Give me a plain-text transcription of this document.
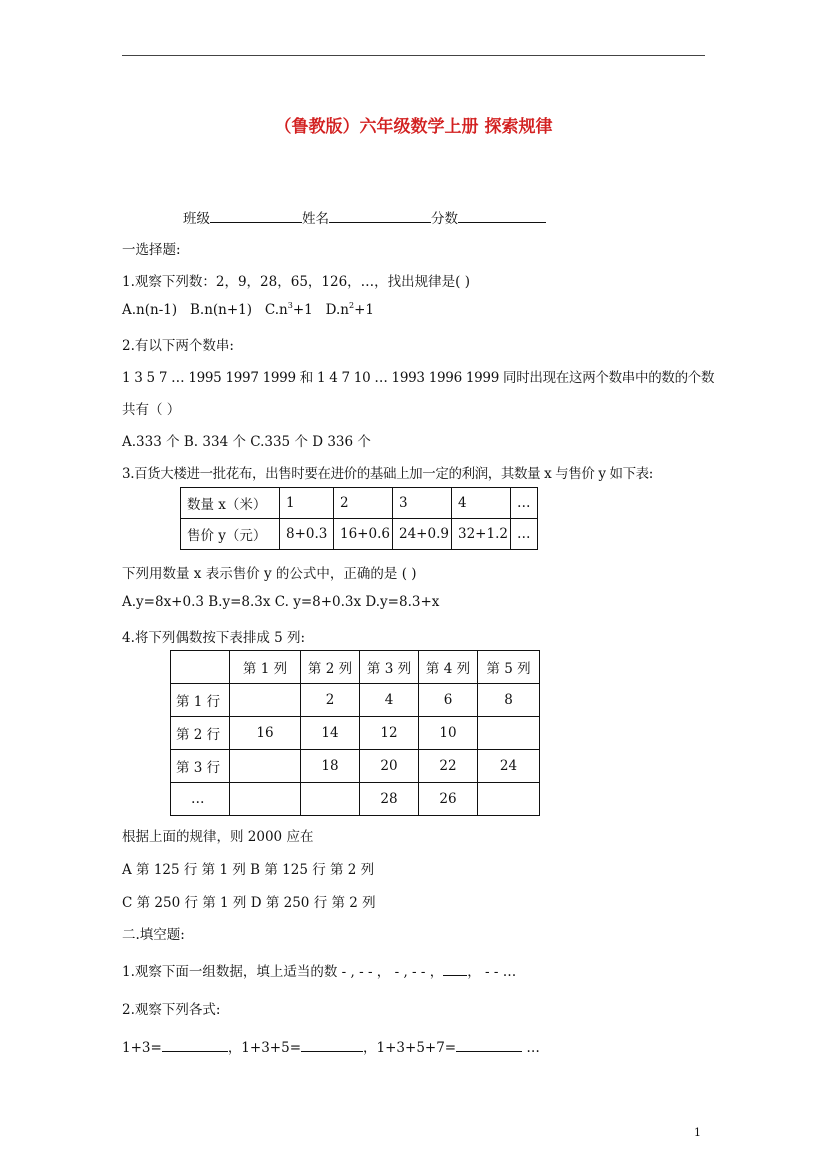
（鲁教版）六年级数学上册 探索规律
班级	姓名	分数
一选择题:
1.观察下列数：2，9，28，65，126，…，找出规律是( )
A.n(n-1) B.n(n+1) $C.n^3+1$ $D.n^2+1$
2.有以下两个数串:
1 3 5 7 … 1995 1997 1999 和 1 4 7 10 … 1993 1996 1999 同时出现在这两个数串中的数的个数
共有（ ）
A.333 个 B. 334 个 C.335 个 D 336 个
3.百货大楼进一批花布，出售时要在进价的基础上加一定的利润，其数量 x 与售价 y 如下表:
数量 x（米）	1	2	3	4	…
售价 y（元）	8+0.3	16+0.6	24+0.9	32+1.2	…
下列用数量 x 表示售价 y 的公式中，正确的是 ( )
A.y=8x+0.3 B.y=8.3x C. y=8+0.3x D.y=8.3+x
4.将下列偶数按下表排成 5 列:
	第 1 列	第 2 列	第 3 列	第 4 列	第 5 列
第 1 行		2	4	6	8
第 2 行	16	14	12	10	
第 3 行		18	20	22	24
…			28	26	
根据上面的规律，则 2000 应在
A 第 125 行 第 1 列 B 第 125 行 第 2 列
C 第 250 行 第 1 列 D 第 250 行 第 2 列
二.填空题:
1.观察下面一组数据，填上适当的数 - , - - ， - , - - ， ， - - …
2.观察下列各式:
1+3=	，1+3+5=	，1+3+5+7=	…
1
